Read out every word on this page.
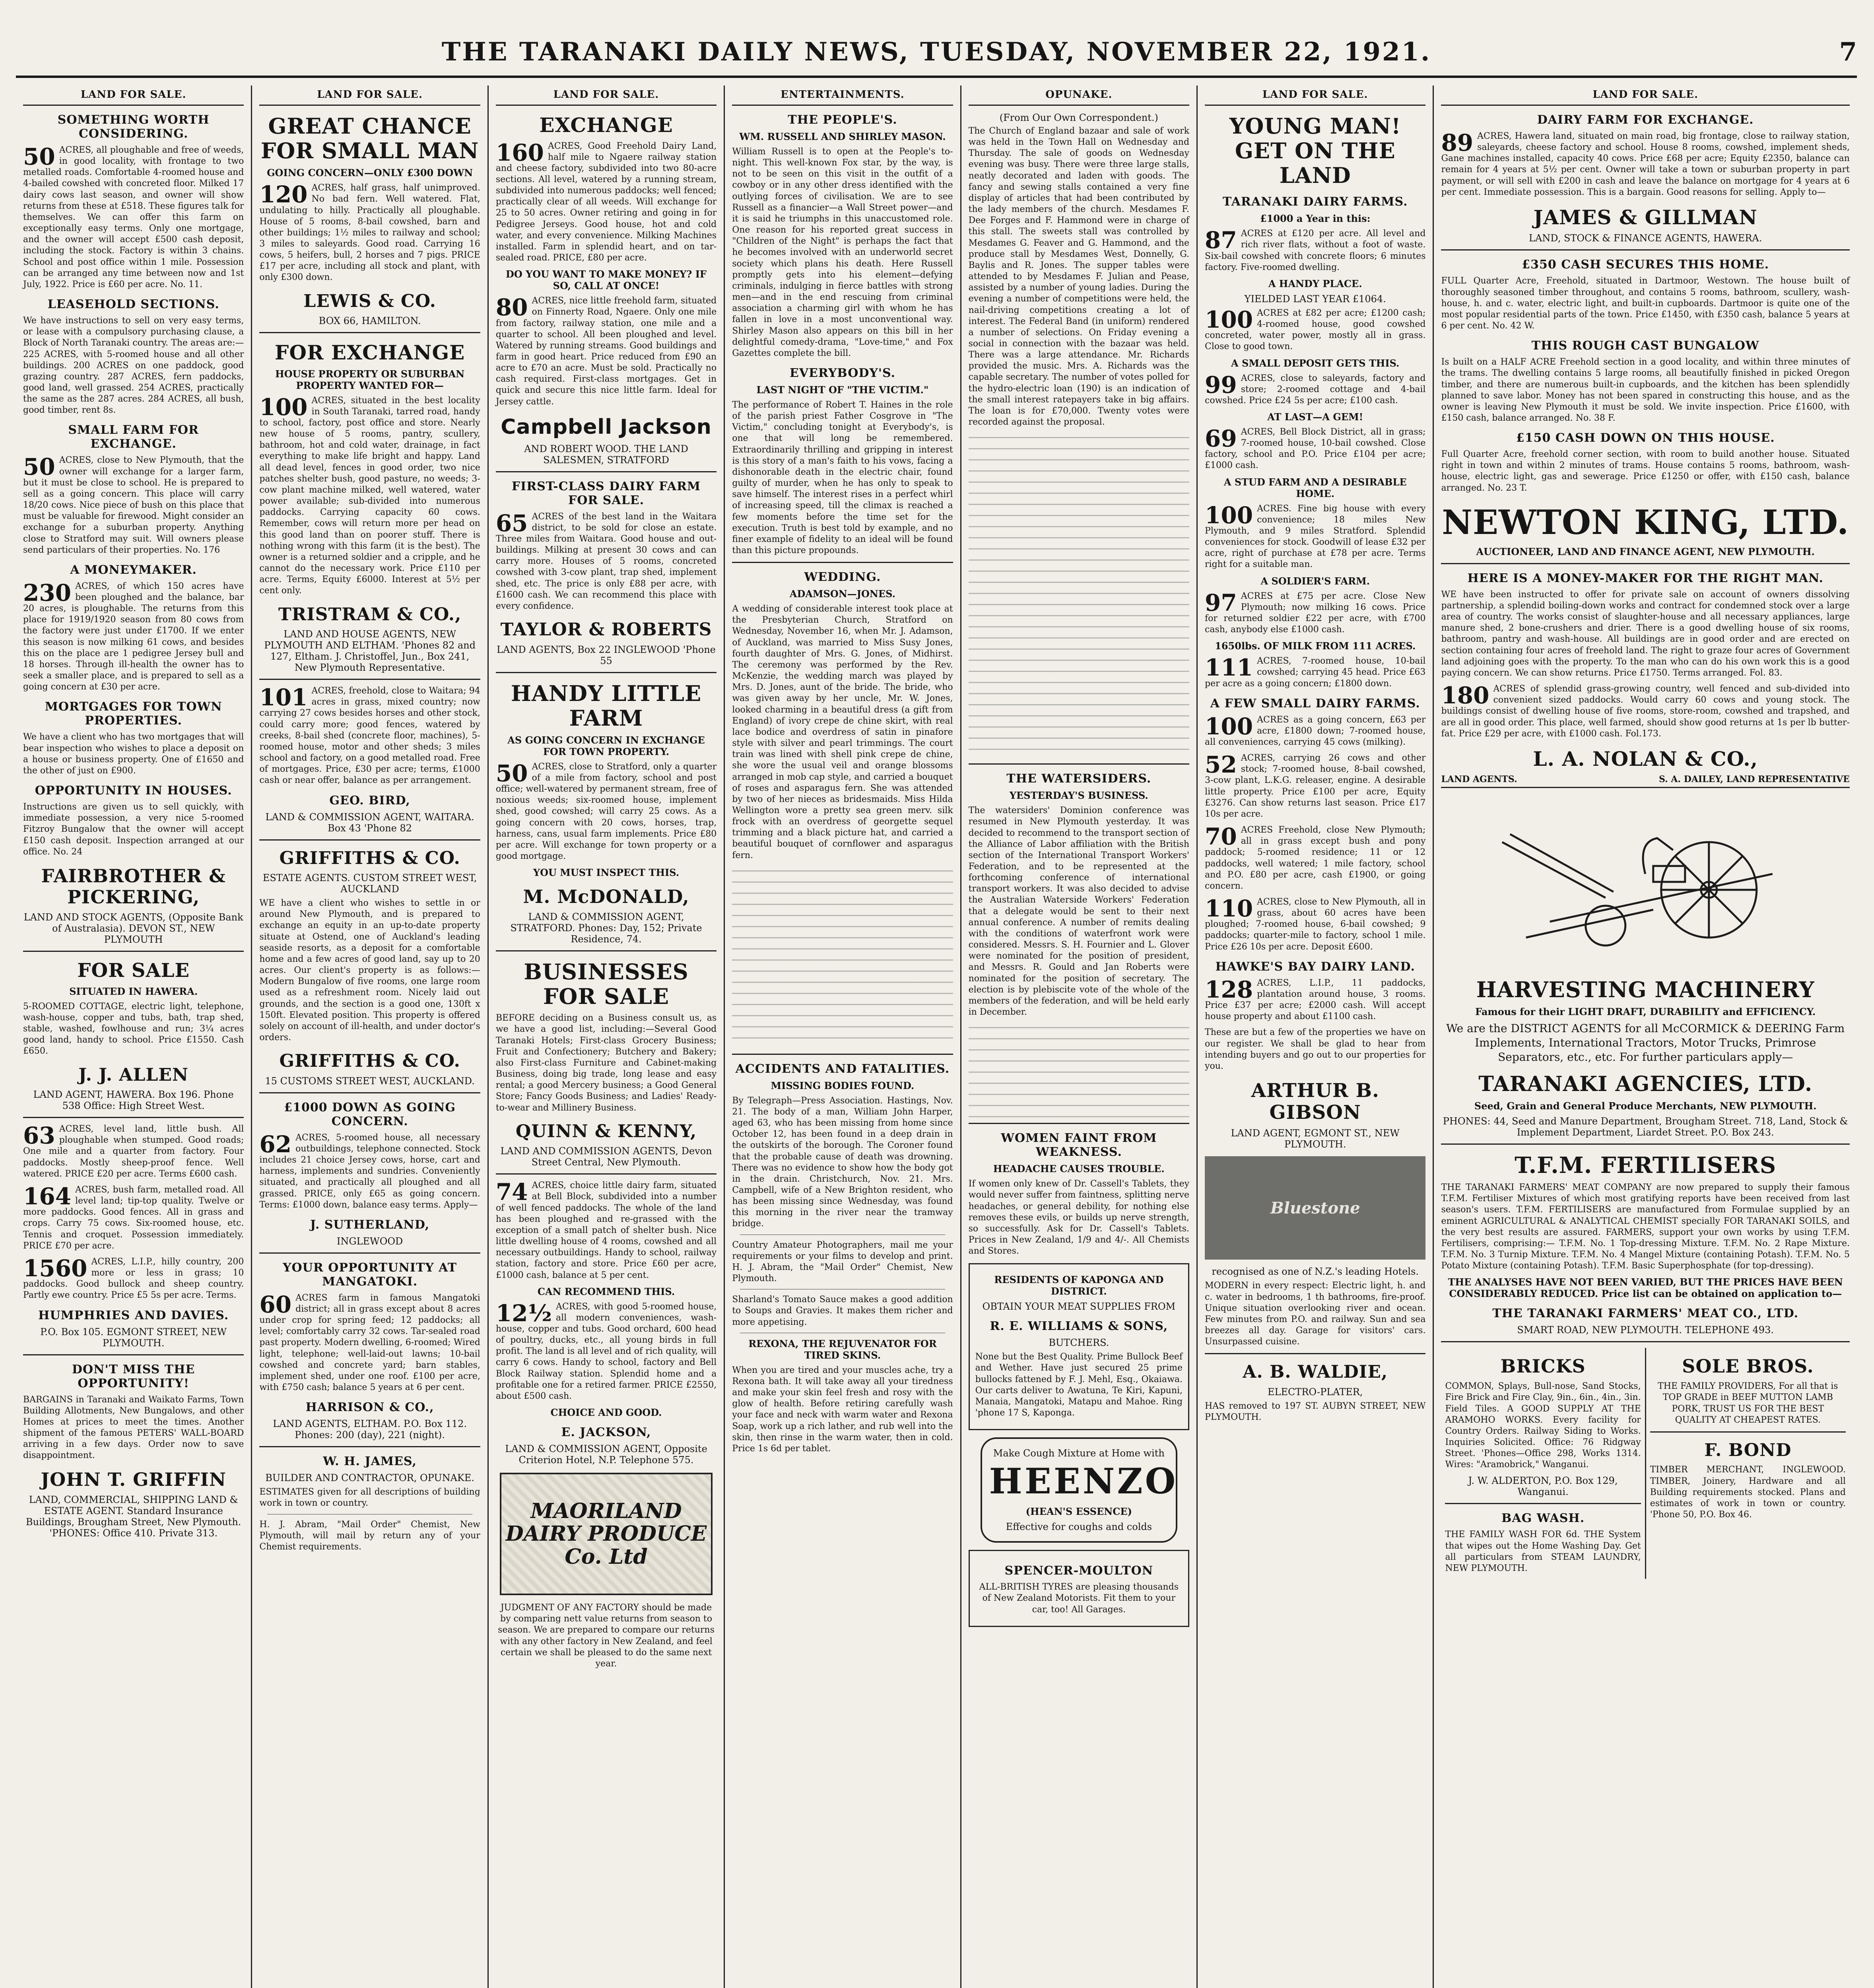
THE TARANAKI DAILY NEWS, TUESDAY, NOVEMBER 22, 1921.	7
LAND FOR SALE.
SOMETHING WORTH CONSIDERING.

50 ACRES, all ploughable and free of weeds, in good locality, with frontage to two metalled roads. Comfortable 4-roomed house and 4-bailed cowshed with concreted floor. Milked 17 dairy cows last season, and owner will show returns from these at £518. These figures talk for themselves. We can offer this farm on exceptionally easy terms. Only one mortgage, and the owner will accept £500 cash deposit, including the stock. Factory is within 3 chains. School and post office within 1 mile. Possession can be arranged any time between now and 1st July, 1922. Price is £60 per acre. No. 11.

LEASEHOLD SECTIONS.

We have instructions to sell on very easy terms, or lease with a compulsory purchasing clause, a Block of North Taranaki country. The areas are:— 225 ACRES, with 5-roomed house and all other buildings. 200 ACRES on one paddock, good grazing country. 287 ACRES, fern paddocks, good land, well grassed. 254 ACRES, practically the same as the 287 acres. 284 ACRES, all bush, good timber, rent 8s.

SMALL FARM FOR EXCHANGE.

50 ACRES, close to New Plymouth, that the owner will exchange for a larger farm, but it must be close to school. He is prepared to sell as a going concern. This place will carry 18/20 cows. Nice piece of bush on this place that must be valuable for firewood. Might consider an exchange for a suburban property. Anything close to Stratford may suit. Will owners please send particulars of their properties. No. 176

A MONEYMAKER.

230 ACRES, of which 150 acres have been ploughed and the balance, bar 20 acres, is ploughable. The returns from this place for 1919/1920 season from 80 cows from the factory were just under £1700. If we enter this season is now milking 61 cows, and besides this on the place are 1 pedigree Jersey bull and 18 horses. Through ill-health the owner has to seek a smaller place, and is prepared to sell as a going concern at £30 per acre.

MORTGAGES FOR TOWN PROPERTIES.

We have a client who has two mortgages that will bear inspection who wishes to place a deposit on a house or business property. One of £1650 and the other of just on £900.

OPPORTUNITY IN HOUSES.

Instructions are given us to sell quickly, with immediate possession, a very nice 5-roomed Fitzroy Bungalow that the owner will accept £150 cash deposit. Inspection arranged at our office. No. 24

FAIRBROTHER & PICKERING,
LAND AND STOCK AGENTS, (Opposite Bank of Australasia). DEVON ST., NEW PLYMOUTH
FOR SALE
SITUATED IN HAWERA.

5-ROOMED COTTAGE, electric light, telephone, wash-house, copper and tubs, bath, trap shed, stable, washed, fowlhouse and run; 3¼ acres good land, handy to school. Price £1550. Cash £650.

J. J. ALLEN
LAND AGENT, HAWERA. Box 196. Phone 538 Office: High Street West.

63 ACRES, level land, little bush. All ploughable when stumped. Good roads; One mile and a quarter from factory. Four paddocks. Mostly sheep-proof fence. Well watered. PRICE £20 per acre. Terms £600 cash.

164 ACRES, bush farm, metalled road. All level land; tip-top quality. Twelve or more paddocks. Good fences. All in grass and crops. Carry 75 cows. Six-roomed house, etc. Tennis and croquet. Possession immediately. PRICE £70 per acre.

1560 ACRES, L.I.P., hilly country, 200 more or less in grass; 10 paddocks. Good bullock and sheep country. Partly ewe country. Price £5 5s per acre. Terms.

HUMPHRIES AND DAVIES.
P.O. Box 105. EGMONT STREET, NEW PLYMOUTH.
DON'T MISS THE OPPORTUNITY!

BARGAINS in Taranaki and Waikato Farms, Town Building Allotments, New Bungalows, and other Homes at prices to meet the times. Another shipment of the famous PETERS' WALL-BOARD arriving in a few days. Order now to save disappointment.

JOHN T. GRIFFIN
LAND, COMMERCIAL, SHIPPING LAND & ESTATE AGENT. Standard Insurance Buildings, Brougham Street, New Plymouth. 'PHONES: Office 410. Private 313.
LAND FOR SALE.
GREAT CHANCE FOR SMALL MAN
GOING CONCERN—ONLY £300 DOWN

120 ACRES, half grass, half unimproved. No bad fern. Well watered. Flat, undulating to hilly. Practically all ploughable. House of 5 rooms, 8-bail cowshed, barn and other buildings; 1½ miles to railway and school; 3 miles to saleyards. Good road. Carrying 16 cows, 5 heifers, bull, 2 horses and 7 pigs. PRICE £17 per acre, including all stock and plant, with only £300 down.

LEWIS & CO.
BOX 66, HAMILTON.
FOR EXCHANGE
HOUSE PROPERTY OR SUBURBAN PROPERTY WANTED FOR—

100 ACRES, situated in the best locality in South Taranaki, tarred road, handy to school, factory, post office and store. Nearly new house of 5 rooms, pantry, scullery, bathroom, hot and cold water, drainage, in fact everything to make life bright and happy. Land all dead level, fences in good order, two nice patches shelter bush, good pasture, no weeds; 3-cow plant machine milked, well watered, water power available; sub-divided into numerous paddocks. Carrying capacity 60 cows. Remember, cows will return more per head on this good land than on poorer stuff. There is nothing wrong with this farm (it is the best). The owner is a returned soldier and a cripple, and he cannot do the necessary work. Price £110 per acre. Terms, Equity £6000. Interest at 5½ per cent only.

TRISTRAM & CO.,
LAND AND HOUSE AGENTS, NEW PLYMOUTH AND ELTHAM. 'Phones 82 and 127, Eltham. J. Christoffel, Jun., Box 241, New Plymouth Representative.

101 ACRES, freehold, close to Waitara; 94 acres in grass, mixed country; now carrying 27 cows besides horses and other stock, could carry more; good fences, watered by creeks, 8-bail shed (concrete floor, machines), 5-roomed house, motor and other sheds; 3 miles school and factory, on a good metalled road. Free of mortgages. Price, £30 per acre; terms, £1000 cash or near offer, balance as per arrangement.

GEO. BIRD,
LAND & COMMISSION AGENT, WAITARA. Box 43 'Phone 82
GRIFFITHS & CO.
ESTATE AGENTS. CUSTOM STREET WEST, AUCKLAND

WE have a client who wishes to settle in or around New Plymouth, and is prepared to exchange an equity in an up-to-date property situate at Ostend, one of Auckland's leading seaside resorts, as a deposit for a comfortable home and a few acres of good land, say up to 20 acres. Our client's property is as follows:—Modern Bungalow of five rooms, one large room used as a refreshment room. Nicely laid out grounds, and the section is a good one, 130ft x 150ft. Elevated position. This property is offered solely on account of ill-health, and under doctor's orders.

GRIFFITHS & CO.
15 CUSTOMS STREET WEST, AUCKLAND.
£1000 DOWN AS GOING CONCERN.

62 ACRES, 5-roomed house, all necessary outbuildings, telephone connected. Stock includes 21 choice Jersey cows, horse, cart and harness, implements and sundries. Conveniently situated, and practically all ploughed and all grassed. PRICE, only £65 as going concern. Terms: £1000 down, balance easy terms. Apply—

J. SUTHERLAND,
INGLEWOOD
YOUR OPPORTUNITY AT MANGATOKI.

60 ACRES farm in famous Mangatoki district; all in grass except about 8 acres under crop for spring feed; 12 paddocks; all level; comfortably carry 32 cows. Tar-sealed road past property. Modern dwelling, 6-roomed; Wired light, telephone; well-laid-out lawns; 10-bail cowshed and concrete yard; barn stables, implement shed, under one roof. £100 per acre, with £750 cash; balance 5 years at 6 per cent.

HARRISON & CO.,
LAND AGENTS, ELTHAM. P.O. Box 112. Phones: 200 (day), 221 (night).
W. H. JAMES,
BUILDER AND CONTRACTOR, OPUNAKE.

ESTIMATES given for all descriptions of building work in town or country.

H. J. Abram, "Mail Order" Chemist, New Plymouth, will mail by return any of your Chemist requirements.

LAND FOR SALE.
EXCHANGE

160 ACRES, Good Freehold Dairy Land, half mile to Ngaere railway station and cheese factory, subdivided into two 80-acre sections. All level, watered by a running stream, subdivided into numerous paddocks; well fenced; practically clear of all weeds. Will exchange for 25 to 50 acres. Owner retiring and going in for Pedigree Jerseys. Good house, hot and cold water, and every convenience. Milking Machines installed. Farm in splendid heart, and on tar-sealed road. PRICE, £80 per acre.

DO YOU WANT TO MAKE MONEY? IF SO, CALL AT ONCE!

80 ACRES, nice little freehold farm, situated on Finnerty Road, Ngaere. Only one mile from factory, railway station, one mile and a quarter to school. All been ploughed and level. Watered by running streams. Good buildings and farm in good heart. Price reduced from £90 an acre to £70 an acre. Must be sold. Practically no cash required. First-class mortgages. Get in quick and secure this nice little farm. Ideal for Jersey cattle.

Campbell Jackson
AND ROBERT WOOD. THE LAND SALESMEN, STRATFORD
FIRST-CLASS DAIRY FARM FOR SALE.

65 ACRES of the best land in the Waitara district, to be sold for close an estate. Three miles from Waitara. Good house and out-buildings. Milking at present 30 cows and can carry more. Houses of 5 rooms, concreted cowshed with 3-cow plant, trap shed, implement shed, etc. The price is only £88 per acre, with £1600 cash. We can recommend this place with every confidence.

TAYLOR & ROBERTS
LAND AGENTS, Box 22 INGLEWOOD 'Phone 55
HANDY LITTLE FARM
AS GOING CONCERN IN EXCHANGE FOR TOWN PROPERTY.

50 ACRES, close to Stratford, only a quarter of a mile from factory, school and post office; well-watered by permanent stream, free of noxious weeds; six-roomed house, implement shed, good cowshed; will carry 25 cows. As a going concern with 20 cows, horses, trap, harness, cans, usual farm implements. Price £80 per acre. Will exchange for town property or a good mortgage.

YOU MUST INSPECT THIS.
M. McDONALD,
LAND & COMMISSION AGENT, STRATFORD. Phones: Day, 152; Private Residence, 74.
BUSINESSES FOR SALE

BEFORE deciding on a Business consult us, as we have a good list, including:—Several Good Taranaki Hotels; First-class Grocery Business; Fruit and Confectionery; Butchery and Bakery; also First-class Furniture and Cabinet-making Business, doing big trade, long lease and easy rental; a good Mercery business; a Good General Store; Fancy Goods Business; and Ladies' Ready-to-wear and Millinery Business.

QUINN & KENNY,
LAND AND COMMISSION AGENTS, Devon Street Central, New Plymouth.

74 ACRES, choice little dairy farm, situated at Bell Block, subdivided into a number of well fenced paddocks. The whole of the land has been ploughed and re-grassed with the exception of a small patch of shelter bush. Nice little dwelling house of 4 rooms, cowshed and all necessary outbuildings. Handy to school, railway station, factory and store. Price £60 per acre, £1000 cash, balance at 5 per cent.

CAN RECOMMEND THIS.

12½ ACRES, with good 5-roomed house, all modern conveniences, wash-house, copper and tubs. Good orchard, 600 head of poultry, ducks, etc., all young birds in full profit. The land is all level and of rich quality, will carry 6 cows. Handy to school, factory and Bell Block Railway station. Splendid home and a profitable one for a retired farmer. PRICE £2550, about £500 cash.

CHOICE AND GOOD.
E. JACKSON,
LAND & COMMISSION AGENT, Opposite Criterion Hotel, N.P. Telephone 575.
MAORILAND DAIRY PRODUCE Co. Ltd

JUDGMENT OF ANY FACTORY should be made by comparing nett value returns from season to season. We are prepared to compare our returns with any other factory in New Zealand, and feel certain we shall be pleased to do the same next year.

ENTERTAINMENTS.
THE PEOPLE'S.
WM. RUSSELL AND SHIRLEY MASON.

William Russell is to open at the People's to-night. This well-known Fox star, by the way, is not to be seen on this visit in the outfit of a cowboy or in any other dress identified with the outlying forces of civilisation. We are to see Russell as a financier—a Wall Street power—and it is said he triumphs in this unaccustomed role. One reason for his reported great success in "Children of the Night" is perhaps the fact that he becomes involved with an underworld secret society which plans his death. Here Russell promptly gets into his element—defying criminals, indulging in fierce battles with strong men—and in the end rescuing from criminal association a charming girl with whom he has fallen in love in a most unconventional way. Shirley Mason also appears on this bill in her delightful comedy-drama, "Love-time," and Fox Gazettes complete the bill.

EVERYBODY'S.
LAST NIGHT OF "THE VICTIM."

The performance of Robert T. Haines in the role of the parish priest Father Cosgrove in "The Victim," concluding tonight at Everybody's, is one that will long be remembered. Extraordinarily thrilling and gripping in interest is this story of a man's faith to his vows, facing a dishonorable death in the electric chair, found guilty of murder, when he has only to speak to save himself. The interest rises in a perfect whirl of increasing speed, till the climax is reached a few moments before the time set for the execution. Truth is best told by example, and no finer example of fidelity to an ideal will be found than this picture propounds.

WEDDING.
ADAMSON—JONES.

A wedding of considerable interest took place at the Presbyterian Church, Stratford on Wednesday, November 16, when Mr. J. Adamson, of Auckland, was married to Miss Susy Jones, fourth daughter of Mrs. G. Jones, of Midhirst. The ceremony was performed by the Rev. McKenzie, the wedding march was played by Mrs. D. Jones, aunt of the bride. The bride, who was given away by her uncle, Mr. W. Jones, looked charming in a beautiful dress (a gift from England) of ivory crepe de chine skirt, with real lace bodice and overdress of satin in pinafore style with silver and pearl trimmings. The court train was lined with shell pink crepe de chine, she wore the usual veil and orange blossoms arranged in mob cap style, and carried a bouquet of roses and asparagus fern. She was attended by two of her nieces as bridesmaids. Miss Hilda Wellington wore a pretty sea green merv. silk frock with an overdress of georgette sequel trimming and a black picture hat, and carried a beautiful bouquet of cornflower and asparagus fern.

ACCIDENTS AND FATALITIES.
MISSING BODIES FOUND.

By Telegraph—Press Association. Hastings, Nov. 21. The body of a man, William John Harper, aged 63, who has been missing from home since October 12, has been found in a deep drain in the outskirts of the borough. The Coroner found that the probable cause of death was drowning. There was no evidence to show how the body got in the drain. Christchurch, Nov. 21. Mrs. Campbell, wife of a New Brighton resident, who has been missing since Wednesday, was found this morning in the river near the tramway bridge.

Country Amateur Photographers, mail me your requirements or your films to develop and print. H. J. Abram, the "Mail Order" Chemist, New Plymouth.

Sharland's Tomato Sauce makes a good addition to Soups and Gravies. It makes them richer and more appetising.

REXONA, THE REJUVENATOR FOR TIRED SKINS.

When you are tired and your muscles ache, try a Rexona bath. It will take away all your tiredness and make your skin feel fresh and rosy with the glow of health. Before retiring carefully wash your face and neck with warm water and Rexona Soap, work up a rich lather, and rub well into the skin, then rinse in the warm water, then in cold. Price 1s 6d per tablet.

OPUNAKE.
(From Our Own Correspondent.)

The Church of England bazaar and sale of work was held in the Town Hall on Wednesday and Thursday. The sale of goods on Wednesday evening was busy. There were three large stalls, neatly decorated and laden with goods. The fancy and sewing stalls contained a very fine display of articles that had been contributed by the lady members of the church. Mesdames F. Dee Forges and F. Hammond were in charge of this stall. The sweets stall was controlled by Mesdames G. Feaver and G. Hammond, and the produce stall by Mesdames West, Donnelly, G. Baylis and R. Jones. The supper tables were attended to by Mesdames F. Julian and Pease, assisted by a number of young ladies. During the evening a number of competitions were held, the nail-driving competitions creating a lot of interest. The Federal Band (in uniform) rendered a number of selections. On Friday evening a social in connection with the bazaar was held. There was a large attendance. Mr. Richards provided the music. Mrs. A. Richards was the capable secretary. The number of votes polled for the hydro-electric loan (190) is an indication of the small interest ratepayers take in big affairs. The loan is for £70,000. Twenty votes were recorded against the proposal.

THE WATERSIDERS.
YESTERDAY'S BUSINESS.

The watersiders' Dominion conference was resumed in New Plymouth yesterday. It was decided to recommend to the transport section of the Alliance of Labor affiliation with the British section of the International Transport Workers' Federation, and to be represented at the forthcoming conference of international transport workers. It was also decided to advise the Australian Waterside Workers' Federation that a delegate would be sent to their next annual conference. A number of remits dealing with the conditions of waterfront work were considered. Messrs. S. H. Fournier and L. Glover were nominated for the position of president, and Messrs. R. Gould and Jan Roberts were nominated for the position of secretary. The election is by plebiscite vote of the whole of the members of the federation, and will be held early in December.

WOMEN FAINT FROM WEAKNESS.
HEADACHE CAUSES TROUBLE.

If women only knew of Dr. Cassell's Tablets, they would never suffer from faintness, splitting nerve headaches, or general debility, for nothing else removes these evils, or builds up nerve strength, so successfully. Ask for Dr. Cassell's Tablets. Prices in New Zealand, 1/9 and 4/-. All Chemists and Stores.

RESIDENTS OF KAPONGA AND DISTRICT.
OBTAIN YOUR MEAT SUPPLIES FROM
R. E. WILLIAMS & SONS,
BUTCHERS.

None but the Best Quality. Prime Bullock Beef and Wether. Have just secured 25 prime bullocks fattened by F. J. Mehl, Esq., Okaiawa. Our carts deliver to Awatuna, Te Kiri, Kapuni, Manaia, Mangatoki, Matapu and Mahoe. Ring 'phone 17 S, Kaponga.

Make Cough Mixture at Home with
HEENZO
(HEAN'S ESSENCE)
Effective for coughs and colds
SPENCER-MOULTON

ALL-BRITISH TYRES are pleasing thousands of New Zealand Motorists. Fit them to your car, too! All Garages.

LAND FOR SALE.
YOUNG MAN! GET ON THE LAND
TARANAKI DAIRY FARMS.
£1000 a Year in this:

87 ACRES at £120 per acre. All level and rich river flats, without a foot of waste. Six-bail cowshed with concrete floors; 6 minutes factory. Five-roomed dwelling.

A HANDY PLACE.
YIELDED LAST YEAR £1064.

100 ACRES at £82 per acre; £1200 cash; 4-roomed house, good cowshed concreted, water power, mostly all in grass. Close to good town.

A SMALL DEPOSIT GETS THIS.

99 ACRES, close to saleyards, factory and store; 2-roomed cottage and 4-bail cowshed. Price £24 5s per acre; £100 cash.

AT LAST—A GEM!

69 ACRES, Bell Block District, all in grass; 7-roomed house, 10-bail cowshed. Close factory, school and P.O. Price £104 per acre; £1000 cash.

A STUD FARM AND A DESIRABLE HOME.

100 ACRES. Fine big house with every convenience; 18 miles New Plymouth, and 9 miles Stratford. Splendid conveniences for stock. Goodwill of lease £32 per acre, right of purchase at £78 per acre. Terms right for a suitable man.

A SOLDIER'S FARM.

97 ACRES at £75 per acre. Close New Plymouth; now milking 16 cows. Price for returned soldier £22 per acre, with £700 cash, anybody else £1000 cash.

1650lbs. OF MILK FROM 111 ACRES.

111 ACRES, 7-roomed house, 10-bail cowshed; carrying 45 head. Price £63 per acre as a going concern; £1800 down.

A FEW SMALL DAIRY FARMS.

100 ACRES as a going concern, £63 per acre, £1800 down; 7-roomed house, all conveniences, carrying 45 cows (milking).

52 ACRES, carrying 26 cows and other stock; 7-roomed house, 8-bail cowshed, 3-cow plant, L.K.G. releaser, engine. A desirable little property. Price £100 per acre, Equity £3276. Can show returns last season. Price £17 10s per acre.

70 ACRES Freehold, close New Plymouth; all in grass except bush and pony paddock; 5-roomed residence; 11 or 12 paddocks, well watered; 1 mile factory, school and P.O. £80 per acre, cash £1900, or going concern.

110 ACRES, close to New Plymouth, all in grass, about 60 acres have been ploughed; 7-roomed house, 6-bail cowshed; 9 paddocks; quarter-mile to factory, school 1 mile. Price £26 10s per acre. Deposit £600.

HAWKE'S BAY DAIRY LAND.

128 ACRES, L.I.P., 11 paddocks, plantation around house, 3 rooms. Price £37 per acre; £2000 cash. Will accept house property and about £1100 cash.

These are but a few of the properties we have on our register. We shall be glad to hear from intending buyers and go out to our properties for you.

ARTHUR B. GIBSON
LAND AGENT, EGMONT ST., NEW PLYMOUTH.
Bluestone
recognised as one of N.Z.'s leading Hotels.

MODERN in every respect: Electric light, h. and c. water in bedrooms, 1 th bathrooms, fire-proof. Unique situation overlooking river and ocean. Few minutes from P.O. and railway. Sun and sea breezes all day. Garage for visitors' cars. Unsurpassed cuisine.

A. B. WALDIE,
ELECTRO-PLATER,

HAS removed to 197 ST. AUBYN STREET, NEW PLYMOUTH.

LAND FOR SALE.
DAIRY FARM FOR EXCHANGE.

89 ACRES, Hawera land, situated on main road, big frontage, close to railway station, saleyards, cheese factory and school. House 8 rooms, cowshed, implement sheds, Gane machines installed, capacity 40 cows. Price £68 per acre; Equity £2350, balance can remain for 4 years at 5½ per cent. Owner will take a town or suburban property in part payment, or will sell with £200 in cash and leave the balance on mortgage for 4 years at 6 per cent. Immediate possession. This is a bargain. Good reasons for selling. Apply to—

JAMES & GILLMAN
LAND, STOCK & FINANCE AGENTS, HAWERA.
£350 CASH SECURES THIS HOME.

FULL Quarter Acre, Freehold, situated in Dartmoor, Westown. The house built of thoroughly seasoned timber throughout, and contains 5 rooms, bathroom, scullery, wash-house, h. and c. water, electric light, and built-in cupboards. Dartmoor is quite one of the most popular residential parts of the town. Price £1450, with £350 cash, balance 5 years at 6 per cent. No. 42 W.

THIS ROUGH CAST BUNGALOW

Is built on a HALF ACRE Freehold section in a good locality, and within three minutes of the trams. The dwelling contains 5 large rooms, all beautifully finished in picked Oregon timber, and there are numerous built-in cupboards, and the kitchen has been splendidly planned to save labor. Money has not been spared in constructing this house, and as the owner is leaving New Plymouth it must be sold. We invite inspection. Price £1600, with £150 cash, balance arranged. No. 38 F.

£150 CASH DOWN ON THIS HOUSE.

Full Quarter Acre, freehold corner section, with room to build another house. Situated right in town and within 2 minutes of trams. House contains 5 rooms, bathroom, wash-house, electric light, gas and sewerage. Price £1250 or offer, with £150 cash, balance arranged. No. 23 T.

NEWTON KING, LTD.
AUCTIONEER, LAND AND FINANCE AGENT, NEW PLYMOUTH.
HERE IS A MONEY-MAKER FOR THE RIGHT MAN.

WE have been instructed to offer for private sale on account of owners dissolving partnership, a splendid boiling-down works and contract for condemned stock over a large area of country. The works consist of slaughter-house and all necessary appliances, large manure shed, 2 bone-crushers and drier. There is a good dwelling house of six rooms, bathroom, pantry and wash-house. All buildings are in good order and are erected on section containing four acres of freehold land. The right to graze four acres of Government land adjoining goes with the property. To the man who can do his own work this is a good paying concern. We can show returns. Price £1750. Terms arranged. Fol. 83.

180 ACRES of splendid grass-growing country, well fenced and sub-divided into convenient sized paddocks. Would carry 60 cows and young stock. The buildings consist of dwelling house of five rooms, store-room, cowshed and trapshed, and are all in good order. This place, well farmed, should show good returns at 1s per lb butter-fat. Price £29 per acre, with £1000 cash. Fol.173.

L. A. NOLAN & CO.,
LAND AGENTS.	S. A. DAILEY, LAND REPRESENTATIVE
HARVESTING MACHINERY
Famous for their LIGHT DRAFT, DURABILITY and EFFICIENCY.

We are the DISTRICT AGENTS for all McCORMICK & DEERING Farm Implements, International Tractors, Motor Trucks, Primrose Separators, etc., etc. For further particulars apply—

TARANAKI AGENCIES, LTD.
Seed, Grain and General Produce Merchants, NEW PLYMOUTH.
PHONES: 44, Seed and Manure Department, Brougham Street. 718, Land, Stock & Implement Department, Liardet Street. P.O. Box 243.
T.F.M. FERTILISERS

THE TARANAKI FARMERS' MEAT COMPANY are now prepared to supply their famous T.F.M. Fertiliser Mixtures of which most gratifying reports have been received from last season's users. T.F.M. FERTILISERS are manufactured from Formulae supplied by an eminent AGRICULTURAL & ANALYTICAL CHEMIST specially FOR TARANAKI SOILS, and the very best results are assured. FARMERS, support your own works by using T.F.M. Fertilisers, comprising:— T.F.M. No. 1 Top-dressing Mixture. T.F.M. No. 2 Rape Mixture. T.F.M. No. 3 Turnip Mixture. T.F.M. No. 4 Mangel Mixture (containing Potash). T.F.M. No. 5 Potato Mixture (containing Potash). T.F.M. Basic Superphosphate (for top-dressing).

THE ANALYSES HAVE NOT BEEN VARIED, BUT THE PRICES HAVE BEEN CONSIDERABLY REDUCED. Price list can be obtained on application to—
THE TARANAKI FARMERS' MEAT CO., LTD.
SMART ROAD, NEW PLYMOUTH. TELEPHONE 493.
BRICKS

COMMON, Splays, Bull-nose, Sand Stocks, Fire Brick and Fire Clay, 9in., 6in., 4in., 3in. Field Tiles. A GOOD SUPPLY AT THE ARAMOHO WORKS. Every facility for Country Orders. Railway Siding to Works. Inquiries Solicited. Office: 76 Ridgway Street. 'Phones—Office 298, Works 1314. Wires: "Aramobrick," Wanganui.

J. W. ALDERTON, P.O. Box 129, Wanganui.
BAG WASH.

THE FAMILY WASH FOR 6d. THE System that wipes out the Home Washing Day. Get all particulars from STEAM LAUNDRY, NEW PLYMOUTH.

SOLE BROS.

THE FAMILY PROVIDERS, For all that is TOP GRADE in BEEF MUTTON LAMB PORK, TRUST US FOR THE BEST QUALITY AT CHEAPEST RATES.

F. BOND

TIMBER MERCHANT, INGLEWOOD. TIMBER, Joinery, Hardware and all Building requirements stocked. Plans and estimates of work in town or country. 'Phone 50, P.O. Box 46.
